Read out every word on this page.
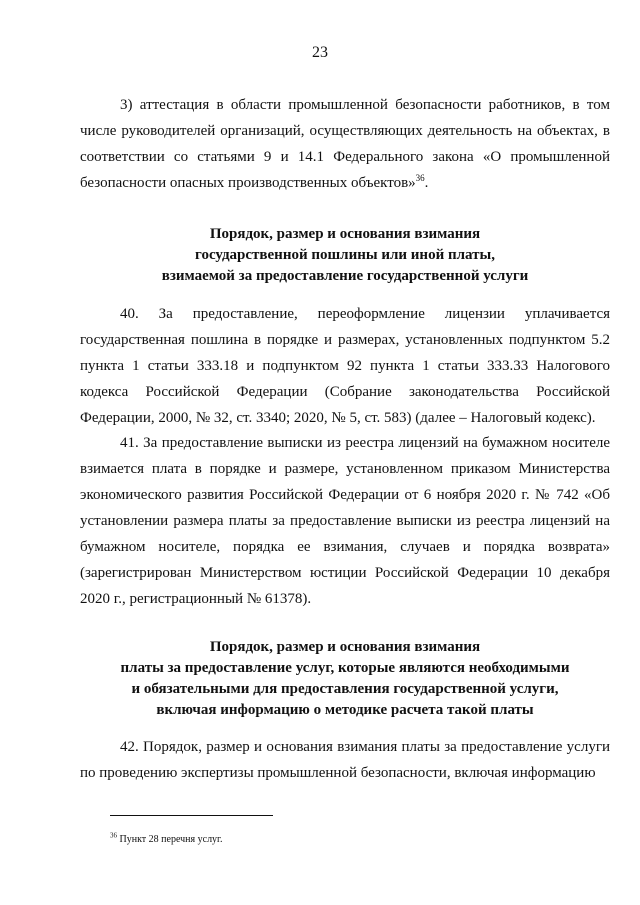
23

3) аттестация в области промышленной безопасности работников, в том числе руководителей организаций, осуществляющих деятельность на объектах, в соответствии со статьями 9 и 14.1 Федерального закона «О промышленной безопасности опасных производственных объектов»$^{36}$.

Порядок, размер и основания взимания
государственной пошлины или иной платы,
взимаемой за предоставление государственной услуги

40. За предоставление, переоформление лицензии уплачивается государственная пошлина в порядке и размерах, установленных подпунктом 5.2 пункта 1 статьи 333.18 и подпунктом 92 пункта 1 статьи 333.33 Налогового кодекса Российской Федерации (Собрание законодательства Российской Федерации, 2000, № 32, ст. 3340; 2020, № 5, ст. 583) (далее – Налоговый кодекс).

41. За предоставление выписки из реестра лицензий на бумажном носителе взимается плата в порядке и размере, установленном приказом Министерства экономического развития Российской Федерации от 6 ноября 2020 г. № 742 «Об установлении размера платы за предоставление выписки из реестра лицензий на бумажном носителе, порядка ее взимания, случаев и порядка возврата» (зарегистрирован Министерством юстиции Российской Федерации 10 декабря 2020 г., регистрационный № 61378).

Порядок, размер и основания взимания
платы за предоставление услуг, которые являются необходимыми
и обязательными для предоставления государственной услуги,
включая информацию о методике расчета такой платы

42. Порядок, размер и основания взимания платы за предоставление услуги по проведению экспертизы промышленной безопасности, включая информацию

$^{36}$ Пункт 28 перечня услуг.
